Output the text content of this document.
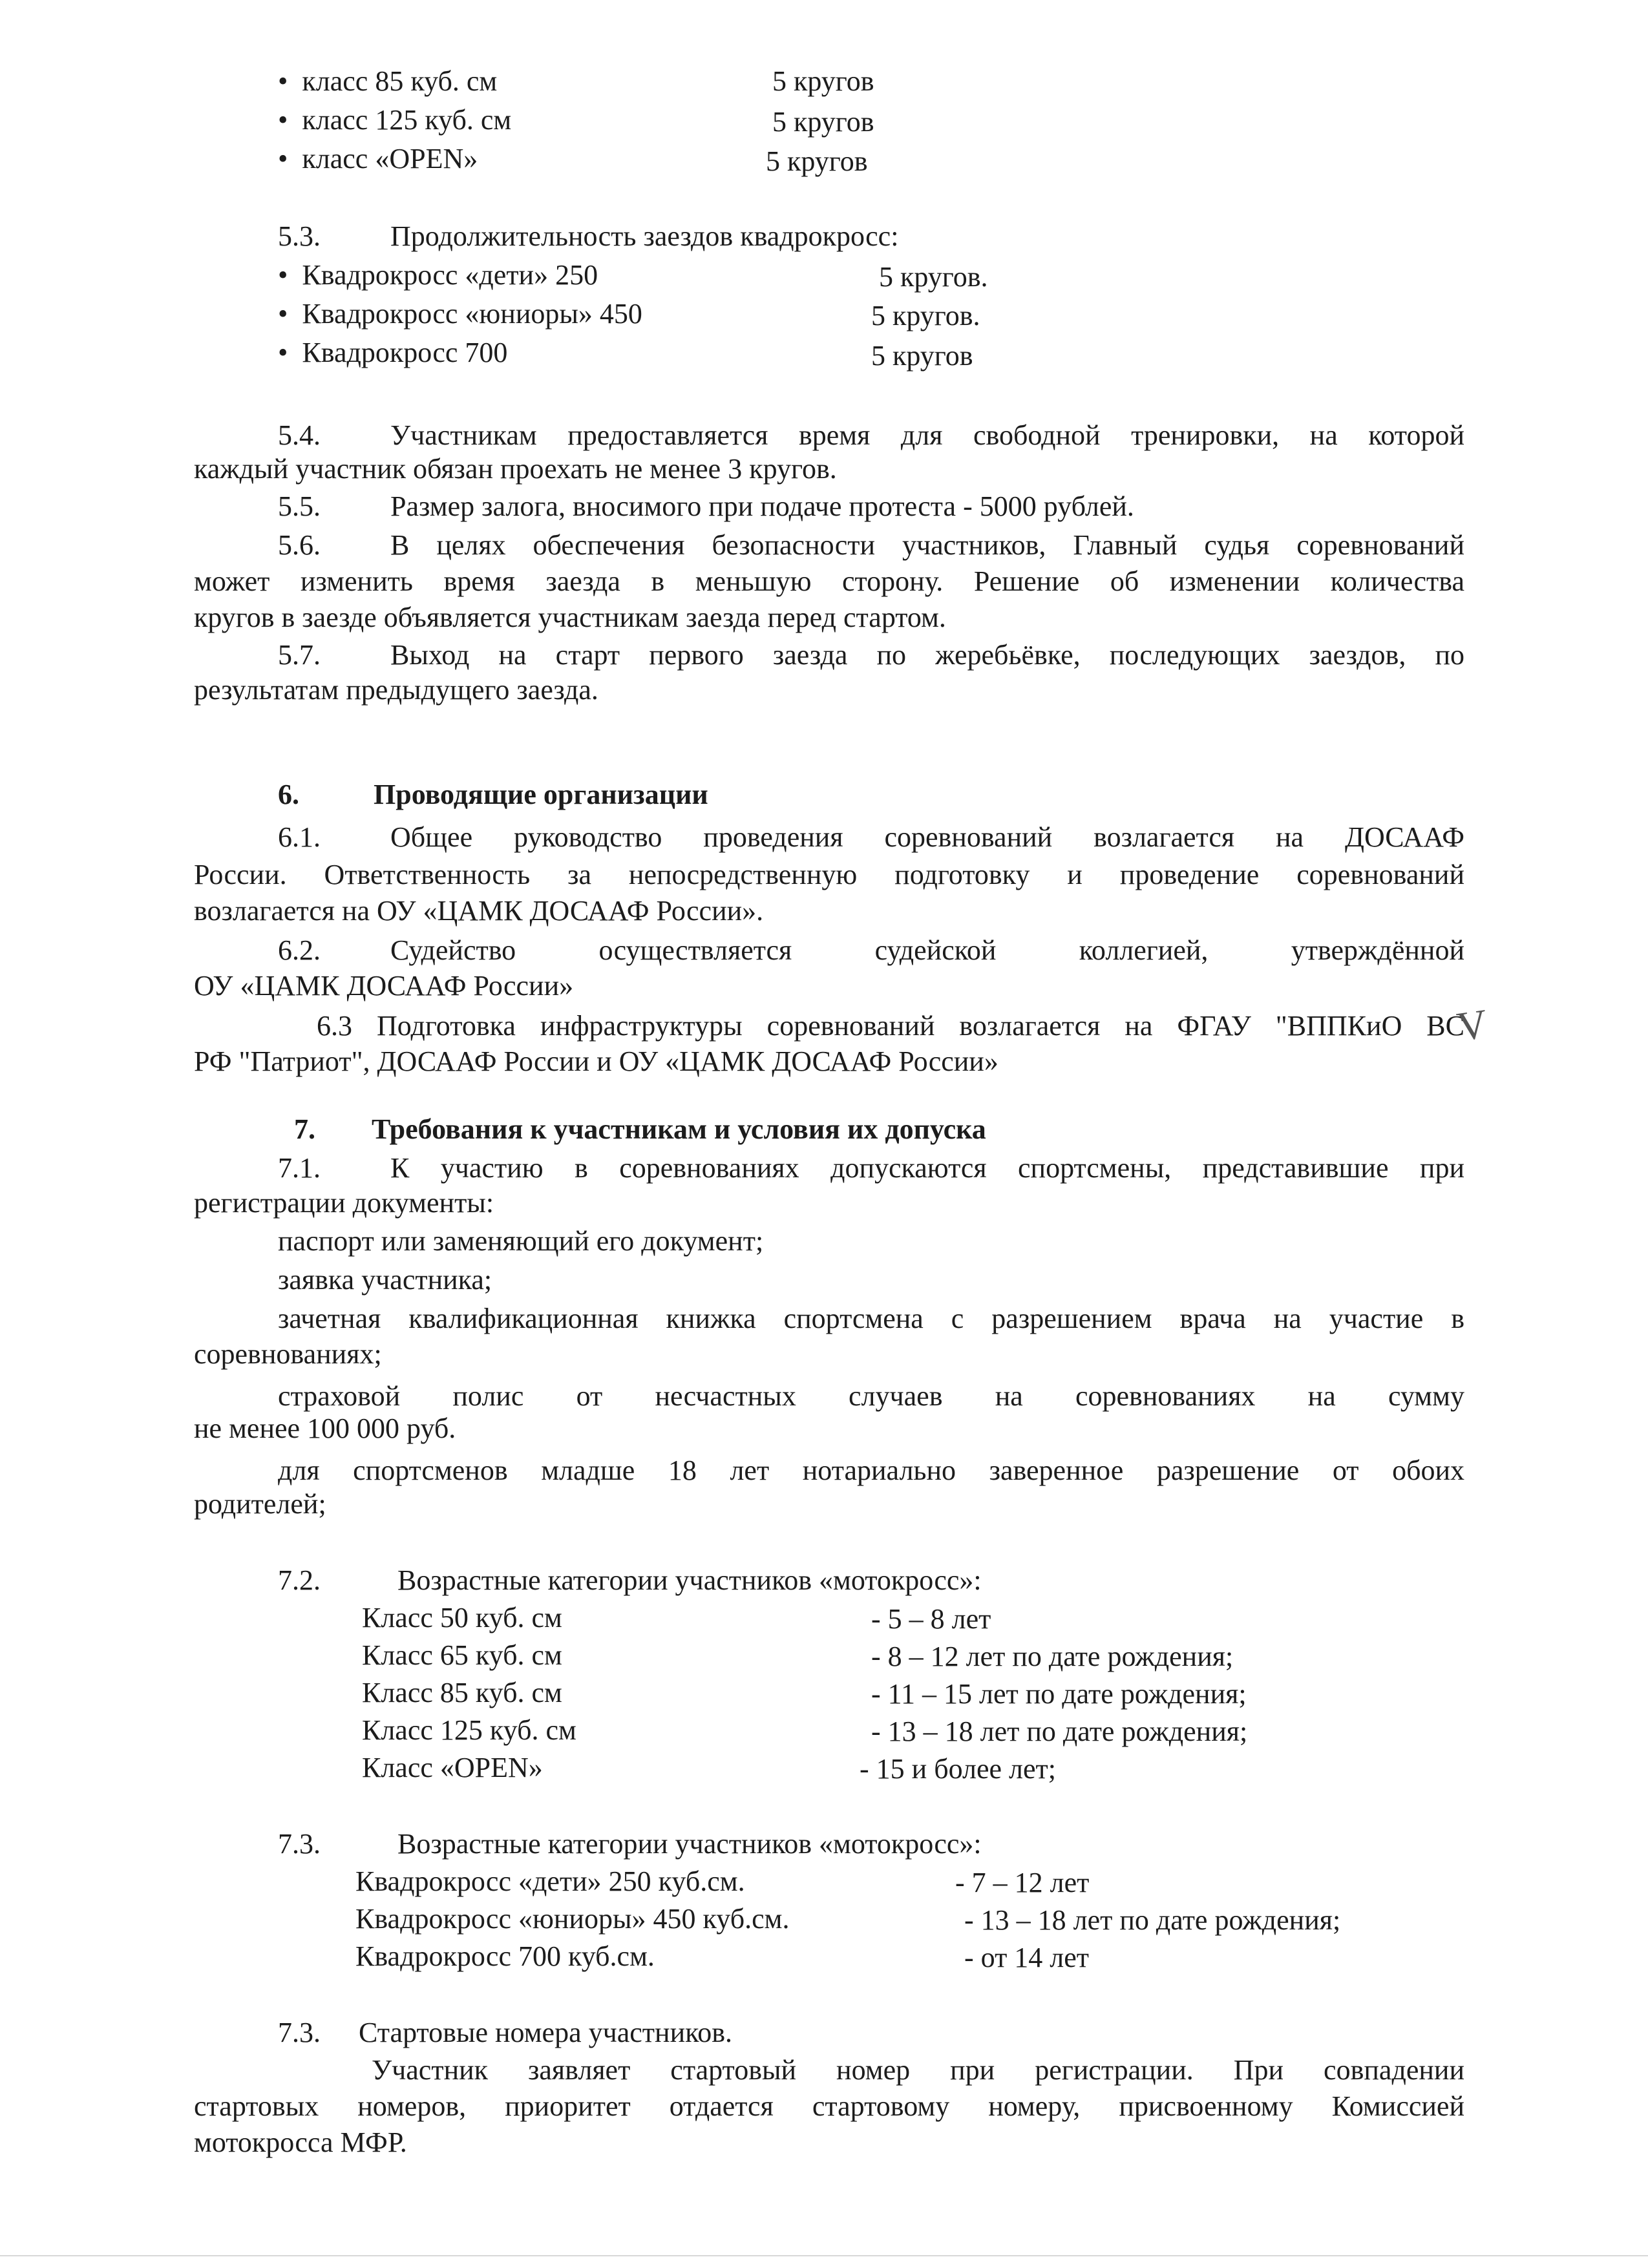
•  класс 85 куб. см	5 кругов
•  класс 125 куб. см	5 кругов
•  класс «OPEN»	5 кругов
5.3. Продолжительность заездов квадрокросс:
•  Квадрокросс «дети» 250	5 кругов.
•  Квадрокросс «юниоры» 450	5 кругов.
•  Квадрокросс 700	5 кругов
5.4. Участникам предоставляется время для свободной тренировки, на которой
каждый участник обязан проехать не менее 3 кругов.
5.5. Размер залога, вносимого при подаче протеста - 5000 рублей.
5.6. В целях обеспечения безопасности участников, Главный судья соревнований
может изменить время заезда в меньшую сторону. Решение об изменении количества
кругов в заезде объявляется участникам заезда перед стартом.
5.7. Выход на старт первого заезда по жеребьёвке, последующих заездов, по
результатам предыдущего заезда.
6.	Проводящие организации
6.1. Общее руководство проведения соревнований возлагается на ДОСААФ
России. Ответственность за непосредственную подготовку и проведение соревнований
возлагается на ОУ «ЦАМК ДОСААФ России».
6.2. Судейство осуществляется судейской коллегией, утверждённой
ОУ «ЦАМК ДОСААФ России»
6.3 Подготовка инфраструктуры соревнований возлагается на ФГАУ "ВППКиО ВС
РФ "Патриот", ДОСААФ России и ОУ «ЦАМК ДОСААФ России»
V
7. Требования к участникам и условия их допуска
7.1. К участию в соревнованиях допускаются спортсмены, представившие при
регистрации документы:
паспорт или заменяющий его документ;
заявка участника;
зачетная квалификационная книжка спортсмена с разрешением врача на участие в
соревнованиях;
страховой полис от несчастных случаев на соревнованиях на сумму
не менее 100 000 руб.
для спортсменов младше 18 лет нотариально заверенное разрешение от обоих
родителей;
7.2.	Возрастные категории участников «мотокросс»:
Класс 50 куб. см	- 5 – 8 лет
Класс 65 куб. см	- 8 – 12 лет по дате рождения;
Класс 85 куб. см	- 11 – 15 лет по дате рождения;
Класс 125 куб. см	- 13 – 18 лет по дате рождения;
Класс «OPEN»	- 15 и более лет;
7.3.	Возрастные категории участников «мотокросс»:
Квадрокросс «дети» 250 куб.см.	- 7 – 12 лет
Квадрокросс «юниоры» 450 куб.см.	- 13 – 18 лет по дате рождения;
Квадрокросс 700 куб.см.	- от 14 лет
7.3. Стартовые номера участников.
Участник заявляет стартовый номер при регистрации. При совпадении
стартовых номеров, приоритет отдается стартовому номеру, присвоенному Комиссией
мотокросса МФР.
